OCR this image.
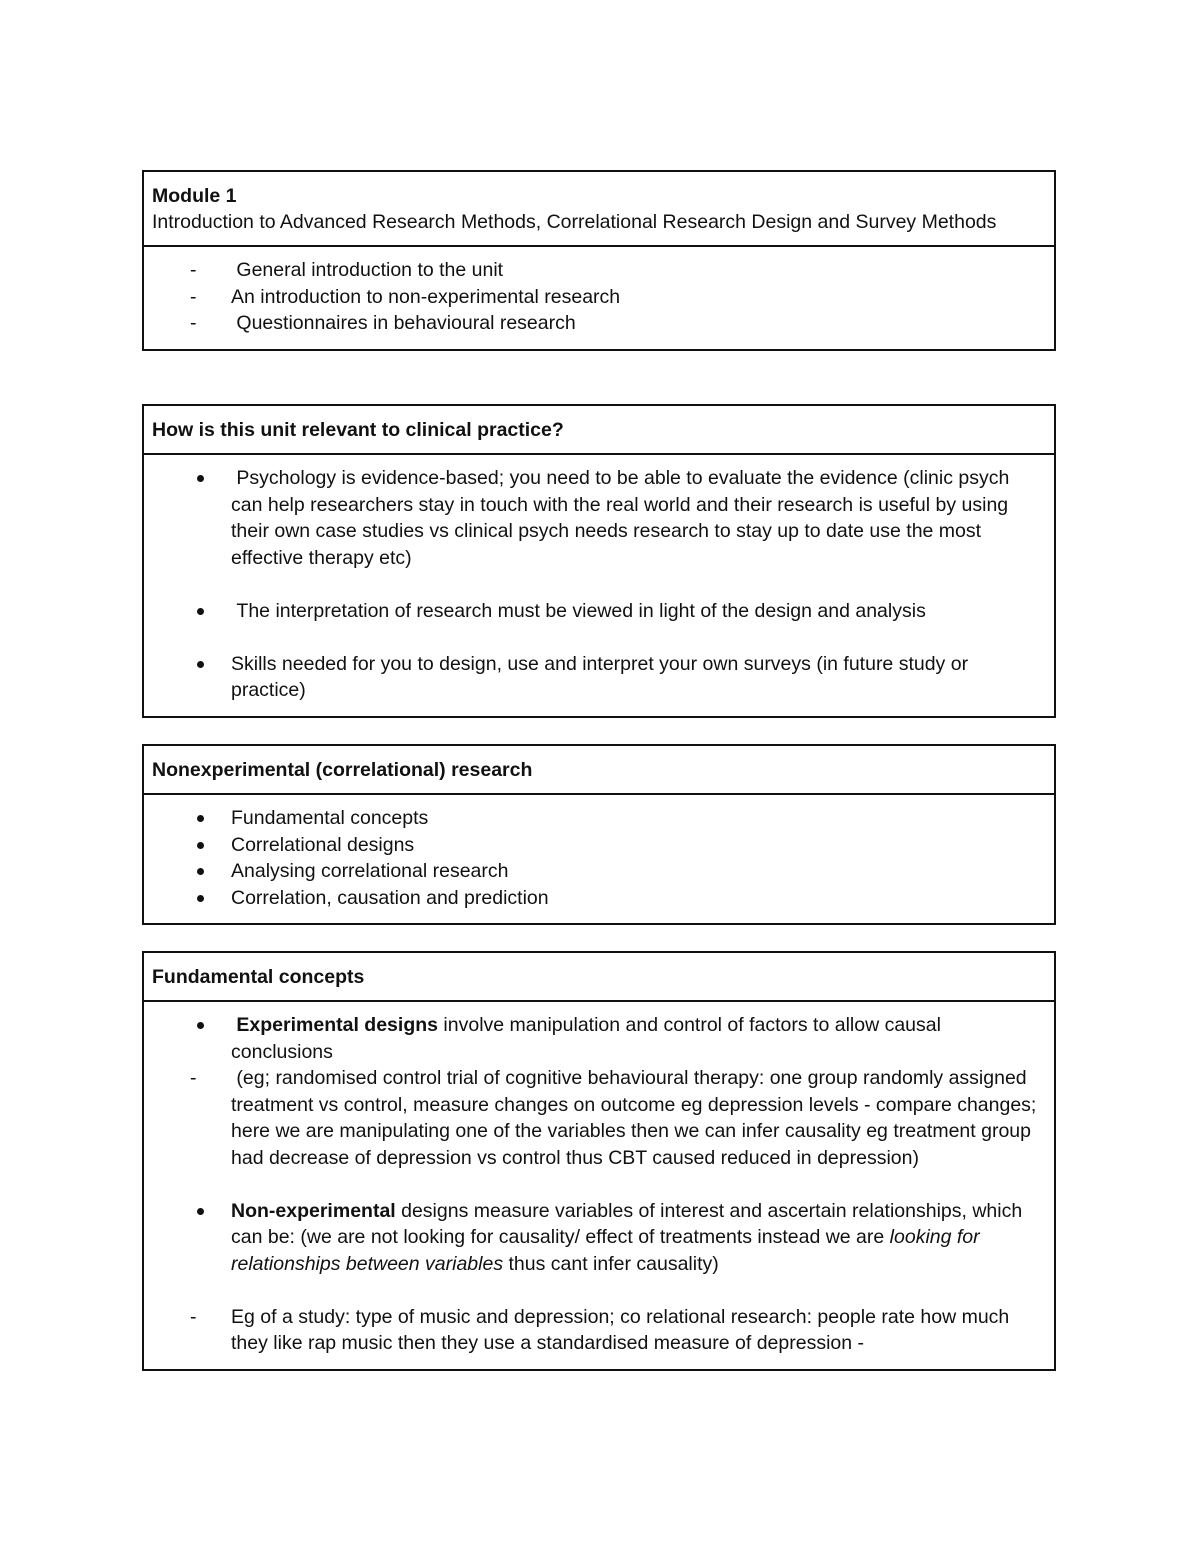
Module 1
Introduction to Advanced Research Methods, Correlational Research Design and Survey Methods
-
General introduction to the unit
-
An introduction to non-experimental research
-
Questionnaires in behavioural research
How is this unit relevant to clinical practice?
Psychology is evidence-based; you need to be able to evaluate the evidence (clinic psych can help researchers stay in touch with the real world and their research is useful by using their own case studies vs clinical psych needs research to stay up to date use the most effective therapy etc)
The interpretation of research must be viewed in light of the design and analysis
Skills needed for you to design, use and interpret your own surveys (in future study or practice)
Nonexperimental (correlational) research
Fundamental concepts
Correlational designs
Analysing correlational research
Correlation, causation and prediction
Fundamental concepts
Experimental designs involve manipulation and control of factors to allow causal conclusions
-
(eg; randomised control trial of cognitive behavioural therapy: one group randomly assigned treatment vs control, measure changes on outcome eg depression levels - compare changes; here we are manipulating one of the variables then we can infer causality eg treatment group had decrease of depression vs control thus CBT caused reduced in depression)
Non-experimental designs measure variables of interest and ascertain relationships, which can be: (we are not looking for causality/ effect of treatments instead we are looking for relationships between variables thus cant infer causality)
-
Eg of a study: type of music and depression; co relational research: people rate how much they like rap music then they use a standardised measure of depression -
